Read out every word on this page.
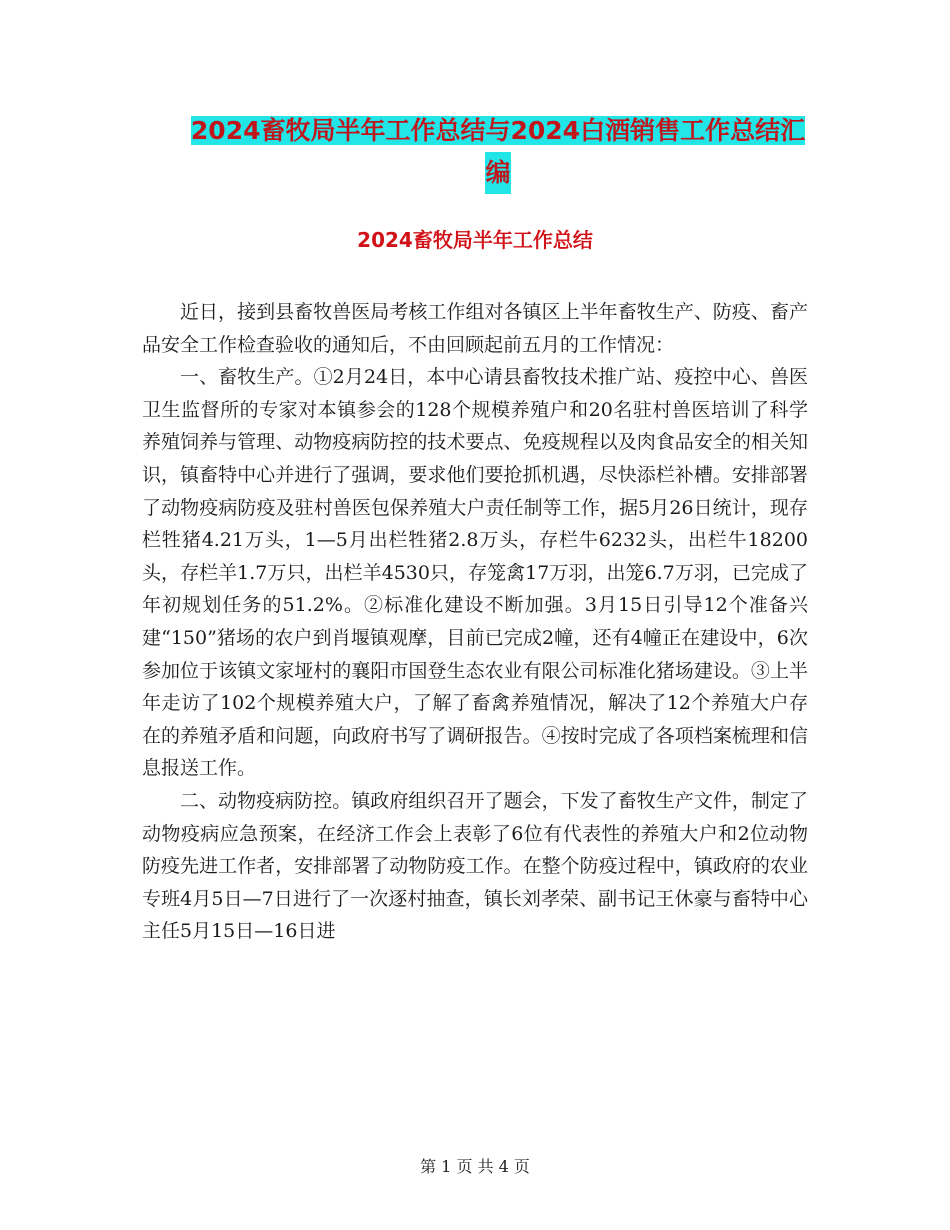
2024畜牧局半年工作总结与2024白酒销售工作总结汇
编
2024畜牧局半年工作总结

近日，接到县畜牧兽医局考核工作组对各镇区上半年畜牧生产、防疫、畜产品安全工作检查验收的通知后，不由回顾起前五月的工作情况：

一、畜牧生产。①2月24日，本中心请县畜牧技术推广站、疫控中心、兽医卫生监督所的专家对本镇参会的128个规模养殖户和20名驻村兽医培训了科学养殖饲养与管理、动物疫病防控的技术要点、免疫规程以及肉食品安全的相关知识，镇畜特中心并进行了强调，要求他们要抢抓机遇，尽快添栏补槽。安排部署了动物疫病防疫及驻村兽医包保养殖大户责任制等工作，据5月26日统计，现存栏牲猪4.21万头，1—5月出栏牲猪2.8万头，存栏牛6232头，出栏牛18200头，存栏羊1.7万只，出栏羊4530只，存笼禽17万羽，出笼6.7万羽，已完成了年初规划任务的51.2%。②标准化建设不断加强。3月15日引导12个准备兴建“150”猪场的农户到肖堰镇观摩，目前已完成2幢，还有4幢正在建设中，6次参加位于该镇文家垭村的襄阳市国登生态农业有限公司标准化猪场建设。③上半年走访了102个规模养殖大户，了解了畜禽养殖情况，解决了12个养殖大户存在的养殖矛盾和问题，向政府书写了调研报告。④按时完成了各项档案梳理和信息报送工作。

二、动物疫病防控。镇政府组织召开了题会，下发了畜牧生产文件，制定了动物疫病应急预案，在经济工作会上表彰了6位有代表性的养殖大户和2位动物防疫先进工作者，安排部署了动物防疫工作。在整个防疫过程中，镇政府的农业专班4月5日—7日进行了一次逐村抽查，镇长刘孝荣、副书记王休豪与畜特中心主任5月15日—16日进

第 1 页 共 4 页
